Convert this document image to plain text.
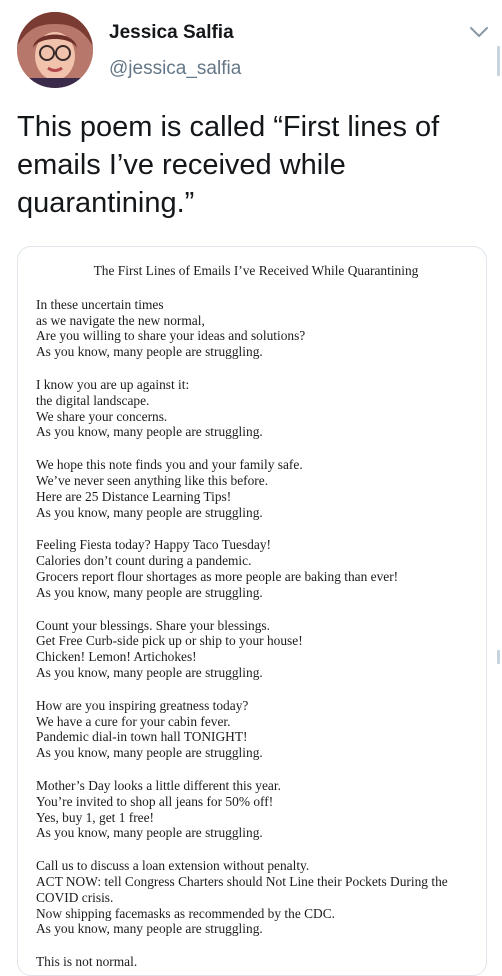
Jessica Salfia
@jessica_salfia
This poem is called “First lines of emails I’ve received while quarantining.”
The First Lines of Emails I’ve Received While Quarantining
In these uncertain times
as we navigate the new normal,
Are you willing to share your ideas and solutions?
As you know, many people are struggling.
I know you are up against it:
the digital landscape.
We share your concerns.
As you know, many people are struggling.
We hope this note finds you and your family safe.
We’ve never seen anything like this before.
Here are 25 Distance Learning Tips!
As you know, many people are struggling.
Feeling Fiesta today? Happy Taco Tuesday!
Calories don’t count during a pandemic.
Grocers report flour shortages as more people are baking than ever!
As you know, many people are struggling.
Count your blessings. Share your blessings.
Get Free Curb-side pick up or ship to your house!
Chicken! Lemon! Artichokes!
As you know, many people are struggling.
How are you inspiring greatness today?
We have a cure for your cabin fever.
Pandemic dial-in town hall TONIGHT!
As you know, many people are struggling.
Mother’s Day looks a little different this year.
You’re invited to shop all jeans for 50% off!
Yes, buy 1, get 1 free!
As you know, many people are struggling.
Call us to discuss a loan extension without penalty.
ACT NOW: tell Congress Charters should Not Line their Pockets During the COVID crisis.
Now shipping facemasks as recommended by the CDC.
As you know, many people are struggling.
This is not normal.
